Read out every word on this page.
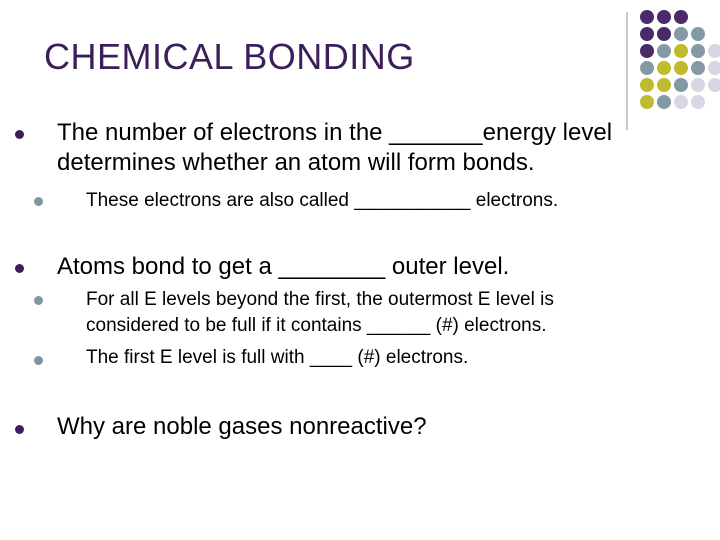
CHEMICAL BONDING
The number of electrons in the _______energy level
determines whether an atom will form bonds.
These electrons are also called ___________ electrons.
Atoms bond to get a ________ outer level.
For all E levels beyond the first, the outermost E level is
considered to be full if it contains ______ (#) electrons.
The first E level is full with ____ (#) electrons.
Why are noble gases nonreactive?
